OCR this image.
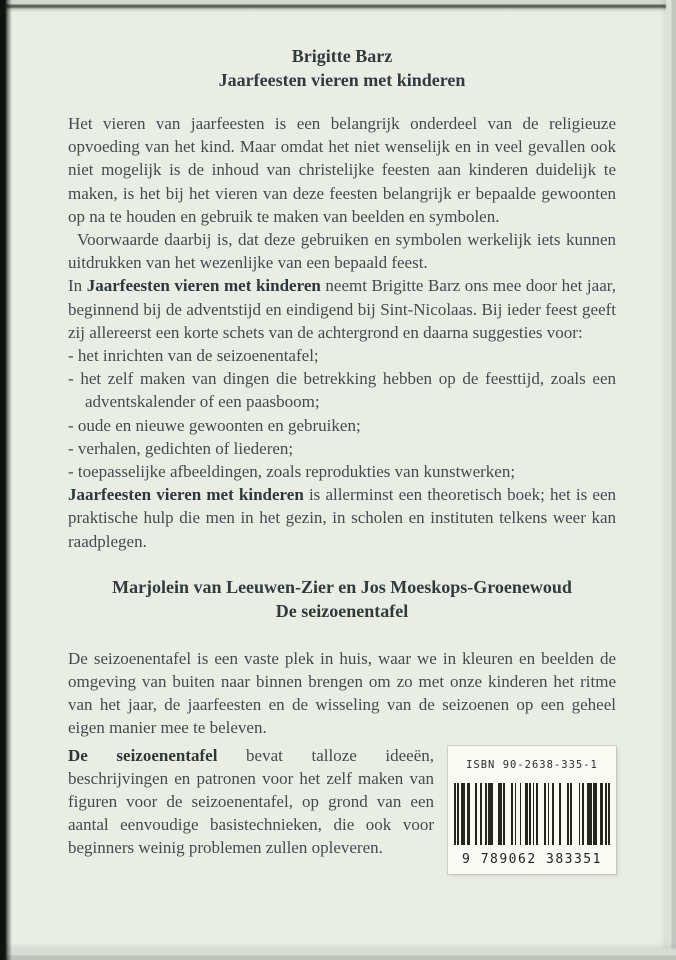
Brigitte Barz
Jaarfeesten vieren met kinderen

Het vieren van jaarfeesten is een belangrijk onderdeel van de religieuze opvoeding van het kind. Maar omdat het niet wenselijk en in veel gevallen ook niet mogelijk is de inhoud van christelijke feesten aan kinderen duidelijk te maken, is het bij het vieren van deze feesten belangrijk er bepaalde gewoonten op na te houden en gebruik te maken van beelden en symbolen.

Voorwaarde daarbij is, dat deze gebruiken en symbolen werkelijk iets kunnen uitdrukken van het wezenlijke van een bepaald feest.

In Jaarfeesten vieren met kinderen neemt Brigitte Barz ons mee door het jaar, beginnend bij de adventstijd en eindigend bij Sint-Nicolaas. Bij ieder feest geeft zij allereerst een korte schets van de achtergrond en daarna suggesties voor:

- het inrichten van de seizoenentafel;
- het zelf maken van dingen die betrekking hebben op de feesttijd, zoals een adventskalender of een paasboom;
- oude en nieuwe gewoonten en gebruiken;
- verhalen, gedichten of liederen;
- toepasselijke afbeeldingen, zoals reprodukties van kunstwerken;

Jaarfeesten vieren met kinderen is allerminst een theoretisch boek; het is een praktische hulp die men in het gezin, in scholen en instituten telkens weer kan raadplegen.

Marjolein van Leeuwen-Zier en Jos Moeskops-Groenewoud
De seizoenentafel

De seizoenentafel is een vaste plek in huis, waar we in kleuren en beelden de omgeving van buiten naar binnen brengen om zo met onze kinderen het ritme van het jaar, de jaarfeesten en de wisseling van de seizoenen op een geheel eigen manier mee te beleven.

ISBN 90-2638-335-1
9 789062 383351

De seizoenentafel bevat talloze ideeën, beschrijvingen en patronen voor het zelf maken van figuren voor de seizoenentafel, op grond van een aantal eenvoudige basistechnieken, die ook voor beginners weinig problemen zullen opleveren.
